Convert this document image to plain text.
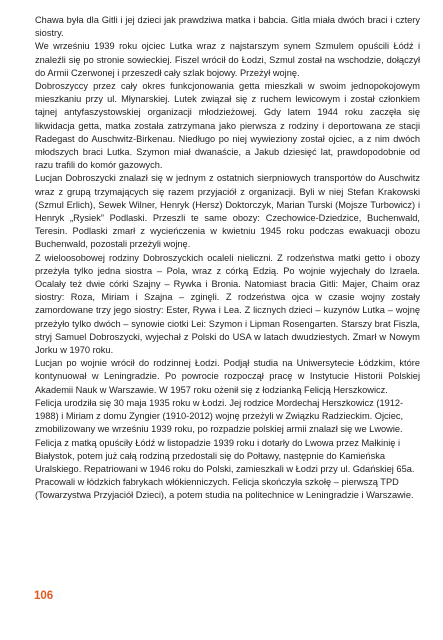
Chawa była dla Gitli i jej dzieci jak prawdziwa matka i babcia. Gitla miała dwóch braci i cztery siostry.

We wrześniu 1939 roku ojciec Lutka wraz z najstarszym synem Szmulem opuścili Łódź i znaleźli się po stronie sowieckiej. Fiszel wrócił do Łodzi, Szmul został na wschodzie, dołączył do Armii Czerwonej i przeszedł cały szlak bojowy. Przeżył wojnę.

Dobroszyccy przez cały okres funkcjonowania getta mieszkali w swoim jednopokojowym mieszkaniu przy ul. Młynarskiej. Lutek związał się z ruchem lewicowym i został członkiem tajnej antyfaszystowskiej organizacji młodzieżowej. Gdy latem 1944 roku zaczęła się likwidacja getta, matka została zatrzymana jako pierwsza z rodziny i deportowana ze stacji Radegast do Auschwitz-Birkenau. Niedługo po niej wywieziony został ojciec, a z nim dwóch młodszych braci Lutka. Szymon miał dwanaście, a Jakub dziesięć lat, prawdopodobnie od razu trafili do komór gazowych.

Lucjan Dobroszycki znalazł się w jednym z ostatnich sierpniowych transportów do Auschwitz wraz z grupą trzymających się razem przyjaciół z organizacji. Byli w niej Stefan Krakowski (Szmul Erlich), Sewek Wilner, Henryk (Hersz) Doktorczyk, Marian Turski (Mojsze Turbowicz) i Henryk „Rysiek” Podlaski. Przeszli te same obozy: Czechowice-Dziedzice, Buchenwald, Teresin. Podlaski zmarł z wycieńczenia w kwietniu 1945 roku podczas ewakuacji obozu Buchenwald, pozostali przeżyli wojnę.

Z wieloosobowej rodziny Dobroszyckich ocaleli nieliczni. Z rodzeństwa matki getto i obozy przeżyła tylko jedna siostra – Pola, wraz z córką Edzią. Po wojnie wyjechały do Izraela. Ocalały też dwie córki Szajny – Rywka i Bronia. Natomiast bracia Gitli: Majer, Chaim oraz siostry: Roza, Miriam i Szajna – zginęli. Z rodzeństwa ojca w czasie wojny zostały zamordowane trzy jego siostry: Ester, Rywa i Lea. Z licznych dzieci – kuzynów Lutka – wojnę przeżyło tylko dwóch – synowie ciotki Lei: Szymon i Lipman Rosengarten. Starszy brat Fiszla, stryj Samuel Dobroszycki, wyjechał z Polski do USA w latach dwudziestych. Zmarł w Nowym Jorku w 1970 roku.

Lucjan po wojnie wrócił do rodzinnej Łodzi. Podjął studia na Uniwersytecie Łódzkim, które kontynuował w Leningradzie. Po powrocie rozpoczął pracę w Instytucie Historii Polskiej Akademii Nauk w Warszawie. W 1957 roku ożenił się z łodzianką Felicją Herszkowicz.

Felicja urodziła się 30 maja 1935 roku w Łodzi. Jej rodzice Mordechaj Herszkowicz (1912-1988) i Miriam z domu Zyngier (1910-2012) wojnę przeżyli w Związku Radzieckim. Ojciec, zmobilizowany we wrześniu 1939 roku, po rozpadzie polskiej armii znalazł się we Lwowie. Felicja z matką opuściły Łódź w listopadzie 1939 roku i dotarły do Lwowa przez Małkinię i Białystok, potem już całą rodziną przedostali się do Połtawy, następnie do Kamieńska Uralskiego. Repatriowani w 1946 roku do Polski, zamieszkali w Łodzi przy ul. Gdańskiej 65a. Pracowali w łódzkich fabrykach włókienniczych. Felicja skończyła szkołę – pierwszą TPD (Towarzystwa Przyjaciół Dzieci), a potem studia na politechnice w Leningradzie i Warszawie.

106
